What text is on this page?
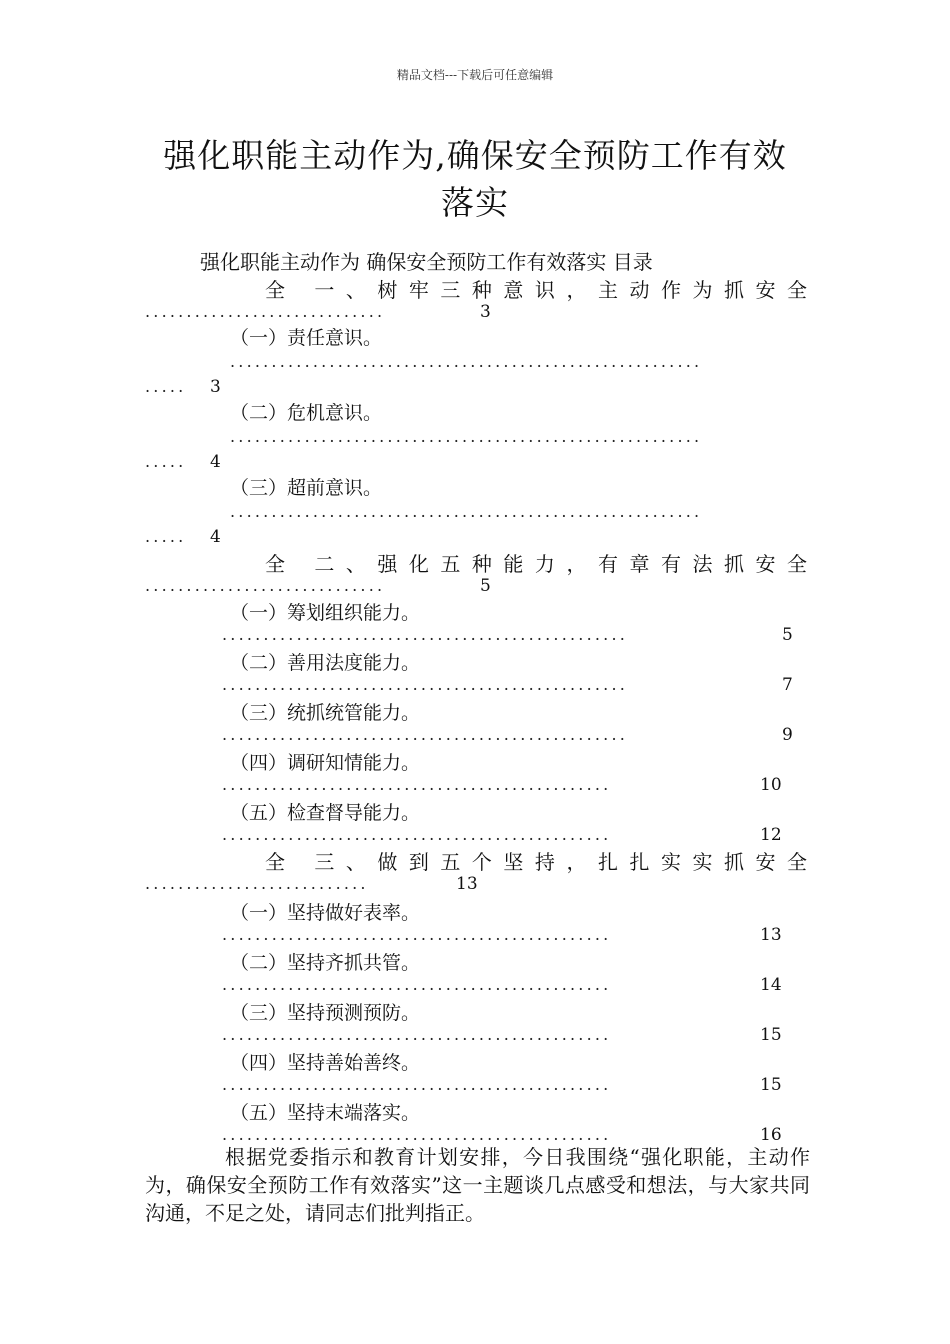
精品文档---下载后可任意编辑
强化职能主动作为,确保安全预防工作有效
落实
强化职能主动作为 确保安全预防工作有效落实 目录
全 一、树牢三种意识，主动作为抓安全
.............................	3
（一）责任意识。
.........................................................
.....	3
（二）危机意识。
.........................................................
.....	4
（三）超前意识。
.........................................................
.....	4
全 二、强化五种能力，有章有法抓安全
.............................	5
（一）筹划组织能力。
.................................................	5
（二）善用法度能力。
.................................................	7
（三）统抓统管能力。
.................................................	9
（四）调研知情能力。
...............................................	10
（五）检查督导能力。
...............................................	12
全 三、做到五个坚持，扎扎实实抓安全
...........................	13
（一）坚持做好表率。
...............................................	13
（二）坚持齐抓共管。
...............................................	14
（三）坚持预测预防。
...............................................	15
（四）坚持善始善终。
...............................................	15
（五）坚持末端落实。
...............................................	16
根据党委指示和教育计划安排，今日我围绕“强化职能，主动作为，确保安全预防工作有效落实”这一主题谈几点感受和想法，与大家共同沟通，不足之处，请同志们批判指正。
